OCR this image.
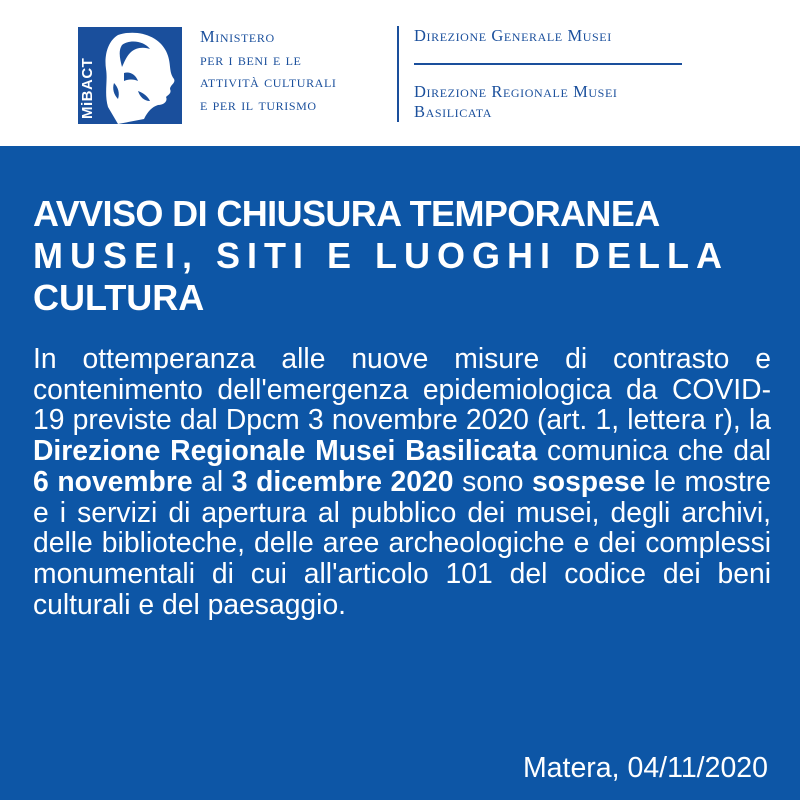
MiBACT
Ministero
per i beni e le
attività culturali
e per il turismo
Direzione Generale Musei
Direzione Regionale Musei
Basilicata
AVVISO DI CHIUSURA TEMPORANEA
MUSEI, SITI E LUOGHI DELLA
CULTURA

In ottemperanza alle nuove misure di contrasto e contenimento dell'emergenza epidemiologica da COVID-19 previste dal Dpcm 3 novembre 2020 (art. 1, lettera r), la Direzione Regionale Musei Basilicata comunica che dal 6 novembre al 3 dicembre 2020 sono sospese le mostre e i servizi di apertura al pubblico dei musei, degli archivi, delle biblioteche, delle aree archeologiche e dei complessi monumentali di cui all'articolo 101 del codice dei beni culturali e del paesaggio.

Matera, 04/11/2020
